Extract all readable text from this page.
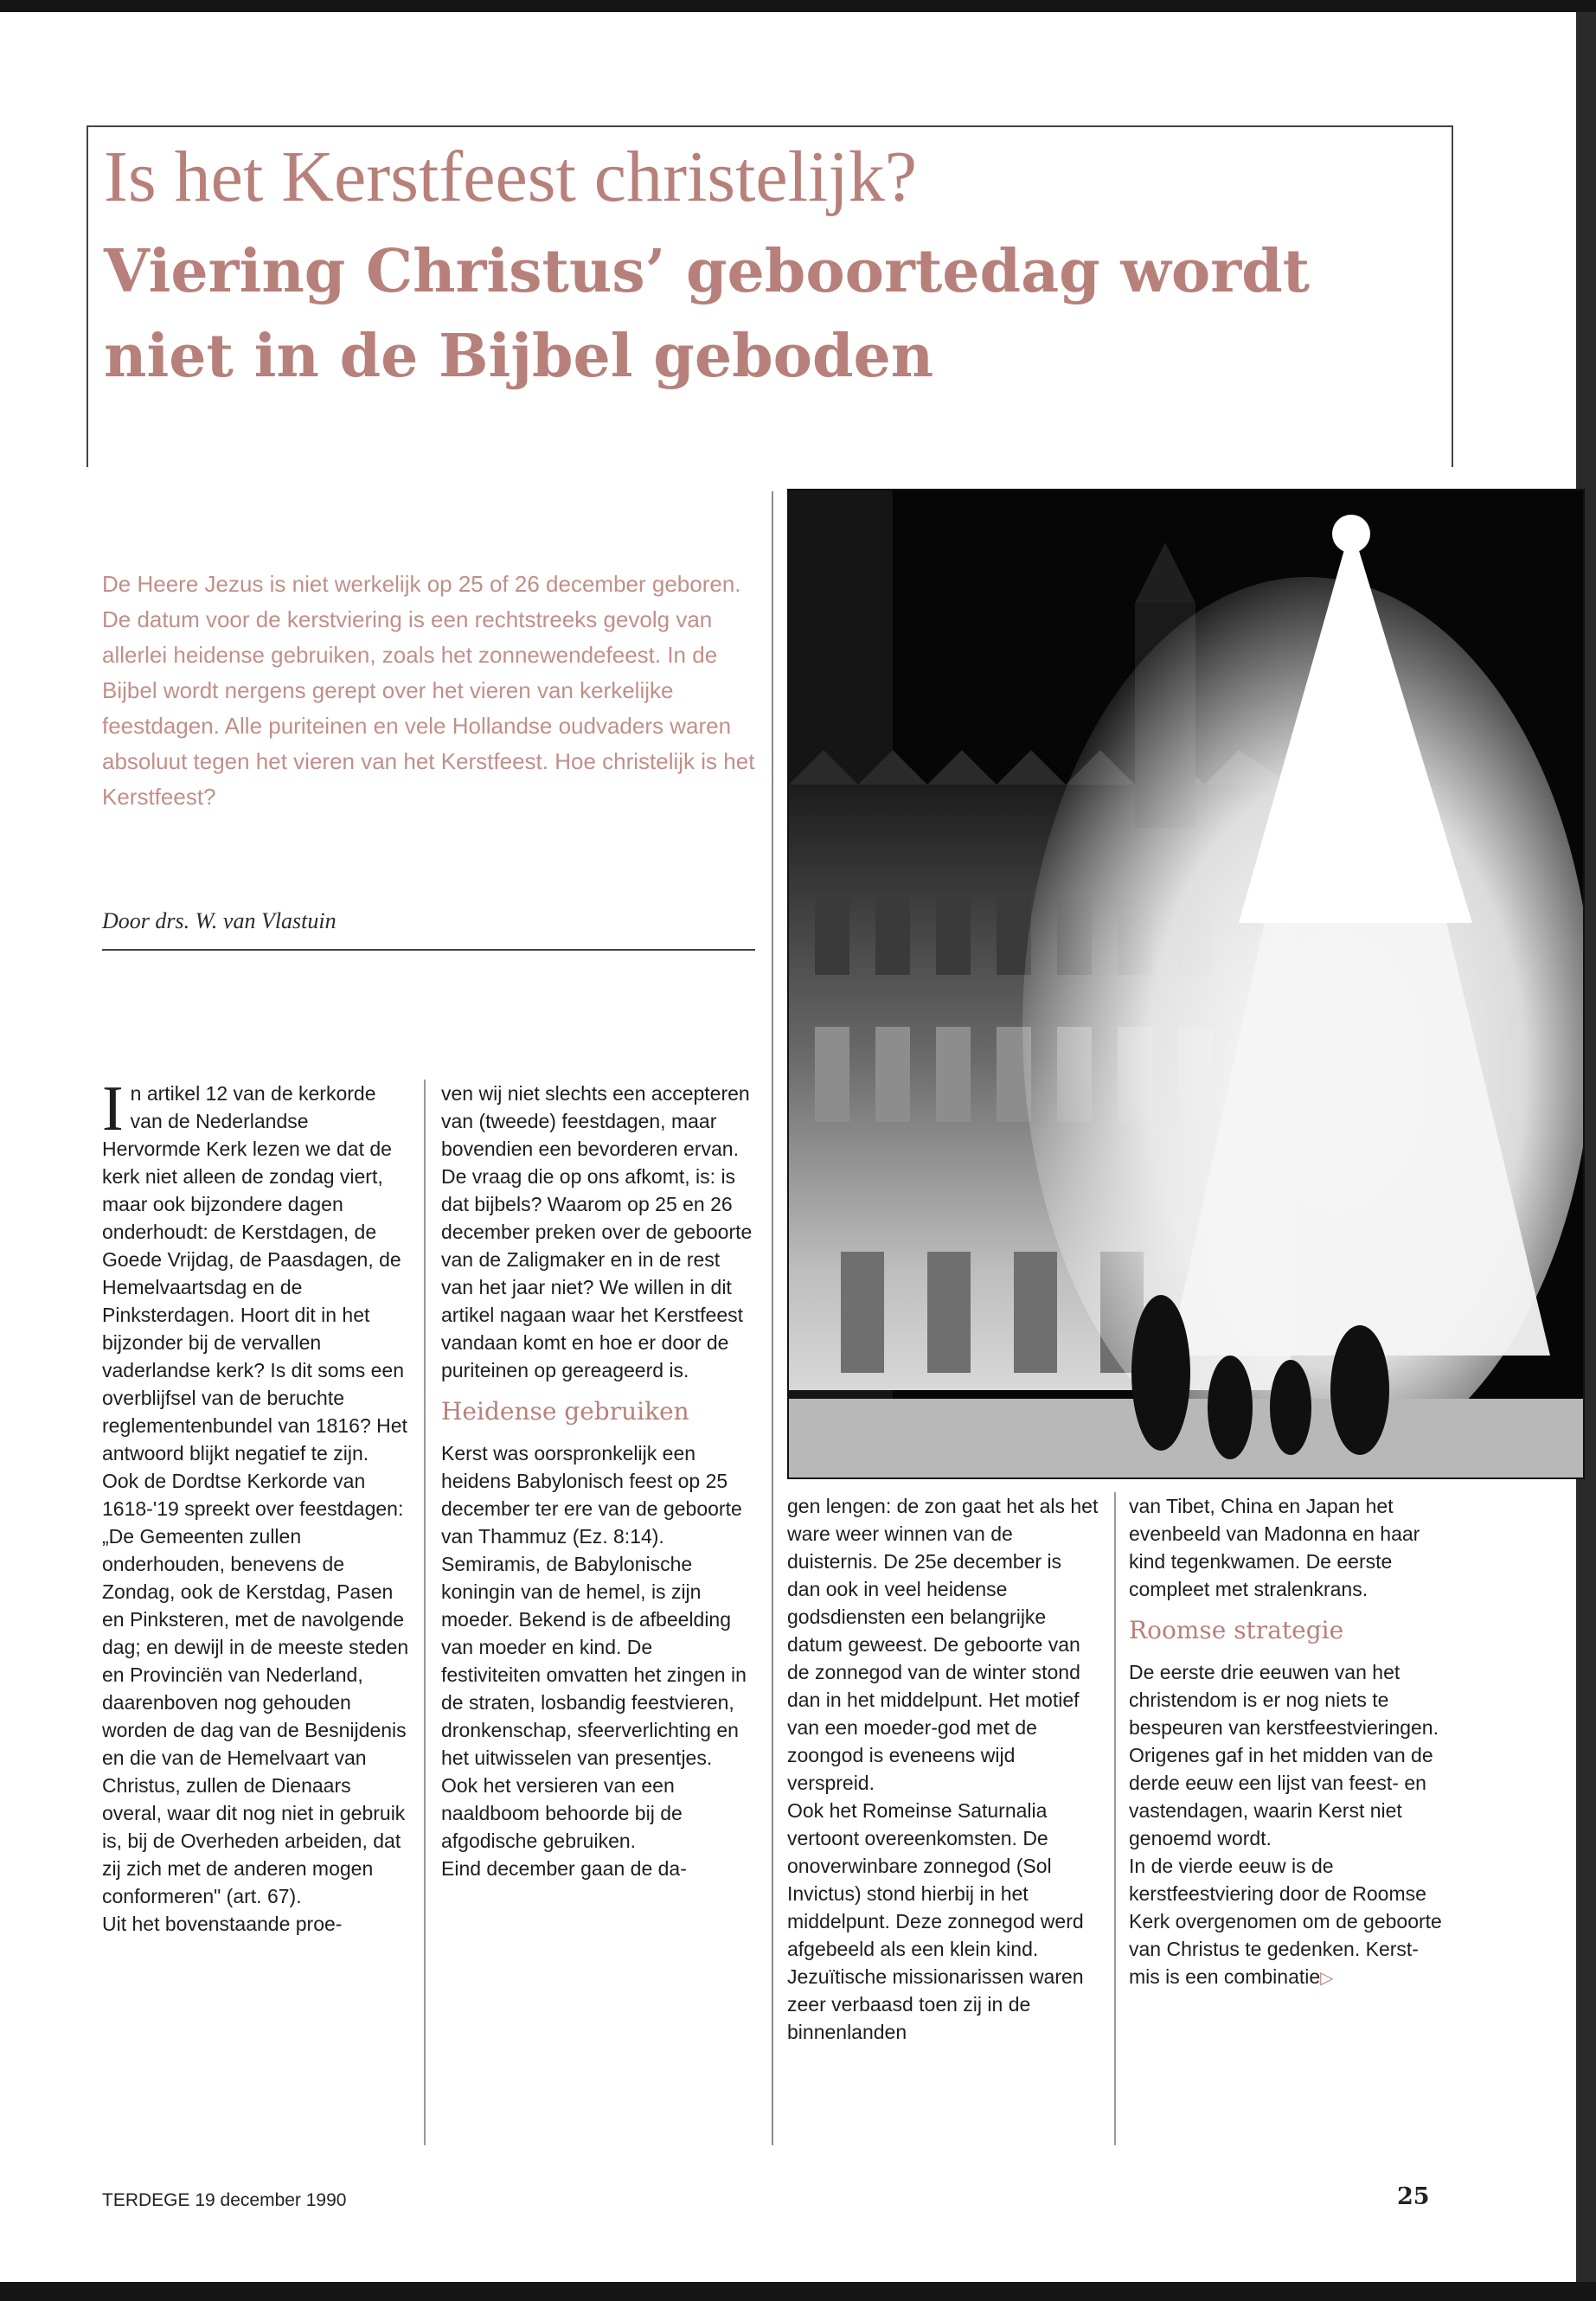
Is het Kerstfeest christelijk?
Viering Christus’ geboortedag wordt niet in de Bijbel geboden

De Heere Jezus is niet werkelijk op 25 of 26 december geboren. De datum voor de kerstviering is een rechtstreeks gevolg van allerlei heidense gebruiken, zoals het zonnewendefeest. In de Bijbel wordt nergens gerept over het vieren van kerkelijke feestdagen. Alle puriteinen en vele Hollandse oudvaders waren absoluut tegen het vieren van het Kerstfeest. Hoe christelijk is het Kerstfeest?

Door drs. W. van Vlastuin

In artikel 12 van de kerkorde van de Nederlandse Hervormde Kerk lezen we dat de kerk niet alleen de zondag viert, maar ook bijzondere dagen onderhoudt: de Kerstdagen, de Goede Vrijdag, de Paasdagen, de Hemelvaartsdag en de Pinksterdagen. Hoort dit in het bijzonder bij de vervallen vaderlandse kerk? Is dit soms een overblijfsel van de beruchte reglementenbundel van 1816? Het antwoord blijkt negatief te zijn. Ook de Dordtse Kerkorde van 1618-'19 spreekt over feestdagen: „De Gemeenten zullen onderhouden, benevens de Zondag, ook de Kerstdag, Pasen en Pinksteren, met de navolgende dag; en dewijl in de meeste steden en Provinciën van Nederland, daarenboven nog gehouden worden de dag van de Besnijdenis en die van de Hemelvaart van Christus, zullen de Dienaars overal, waar dit nog niet in gebruik is, bij de Overheden arbeiden, dat zij zich met de anderen mogen conformeren" (art. 67).

Uit het bovenstaande proe-

ven wij niet slechts een accepteren van (tweede) feestdagen, maar bovendien een bevorderen ervan. De vraag die op ons afkomt, is: is dat bijbels? Waarom op 25 en 26 december preken over de geboorte van de Zaligmaker en in de rest van het jaar niet? We willen in dit artikel nagaan waar het Kerstfeest vandaan komt en hoe er door de puriteinen op gereageerd is.

Heidense gebruiken

Kerst was oorspronkelijk een heidens Babylonisch feest op 25 december ter ere van de geboorte van Thammuz (Ez. 8:14). Semiramis, de Babylonische koningin van de hemel, is zijn moeder. Bekend is de afbeelding van moeder en kind. De festiviteiten omvatten het zingen in de straten, losbandig feestvieren, dronkenschap, sfeerverlichting en het uitwisselen van presentjes. Ook het versieren van een naaldboom behoorde bij de afgodische gebruiken.

Eind december gaan de da-

gen lengen: de zon gaat het als het ware weer winnen van de duisternis. De 25e december is dan ook in veel heidense godsdiensten een belangrijke datum geweest. De geboorte van de zonnegod van de winter stond dan in het middelpunt. Het motief van een moeder-god met de zoongod is eveneens wijd verspreid.

Ook het Romeinse Saturnalia vertoont overeenkomsten. De onoverwinbare zonnegod (Sol Invictus) stond hierbij in het middelpunt. Deze zonnegod werd afgebeeld als een klein kind. Jezuïtische missionarissen waren zeer verbaasd toen zij in de binnenlanden

van Tibet, China en Japan het evenbeeld van Madonna en haar kind tegenkwamen. De eerste compleet met stralenkrans.

Roomse strategie

De eerste drie eeuwen van het christendom is er nog niets te bespeuren van kerstfeestvieringen. Origenes gaf in het midden van de derde eeuw een lijst van feest- en vastendagen, waarin Kerst niet genoemd wordt.

In de vierde eeuw is de kerstfeestviering door de Roomse Kerk overgenomen om de geboorte van Christus te gedenken. Kerst-mis is een combinatie▷

TERDEGE 19 december 1990	25
